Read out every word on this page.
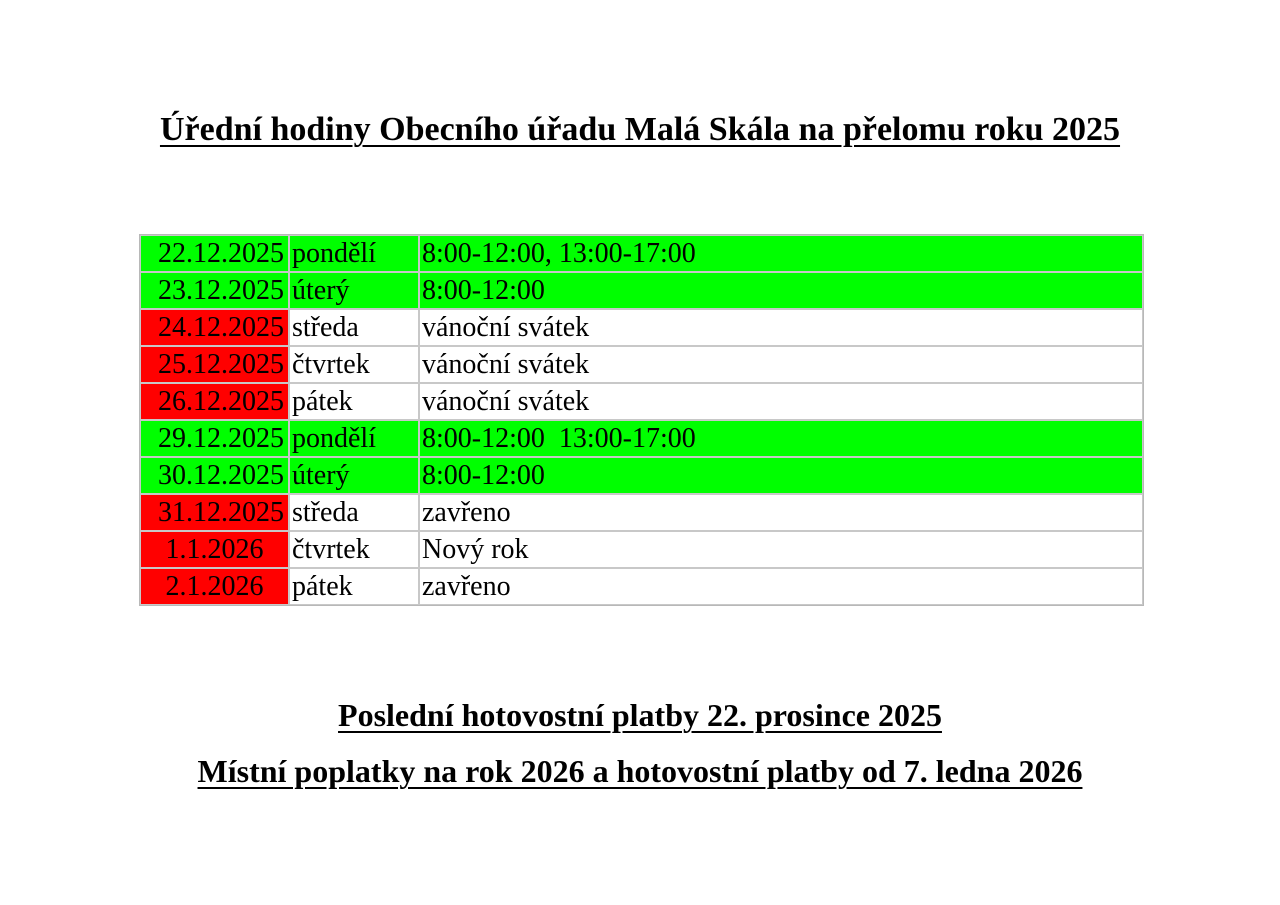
Úřední hodiny Obecního úřadu Malá Skála na přelomu roku 2025
22.12.2025	pondělí	8:00-12:00, 13:00-17:00
23.12.2025	úterý	8:00-12:00
24.12.2025	středa	vánoční svátek
25.12.2025	čtvrtek	vánoční svátek
26.12.2025	pátek	vánoční svátek
29.12.2025	pondělí	8:00-12:00  13:00-17:00
30.12.2025	úterý	8:00-12:00
31.12.2025	středa	zavřeno
1.1.2026	čtvrtek	Nový rok
2.1.2026	pátek	zavřeno

Poslední hotovostní platby 22. prosince 2025

Místní poplatky na rok 2026 a hotovostní platby od 7. ledna 2026
